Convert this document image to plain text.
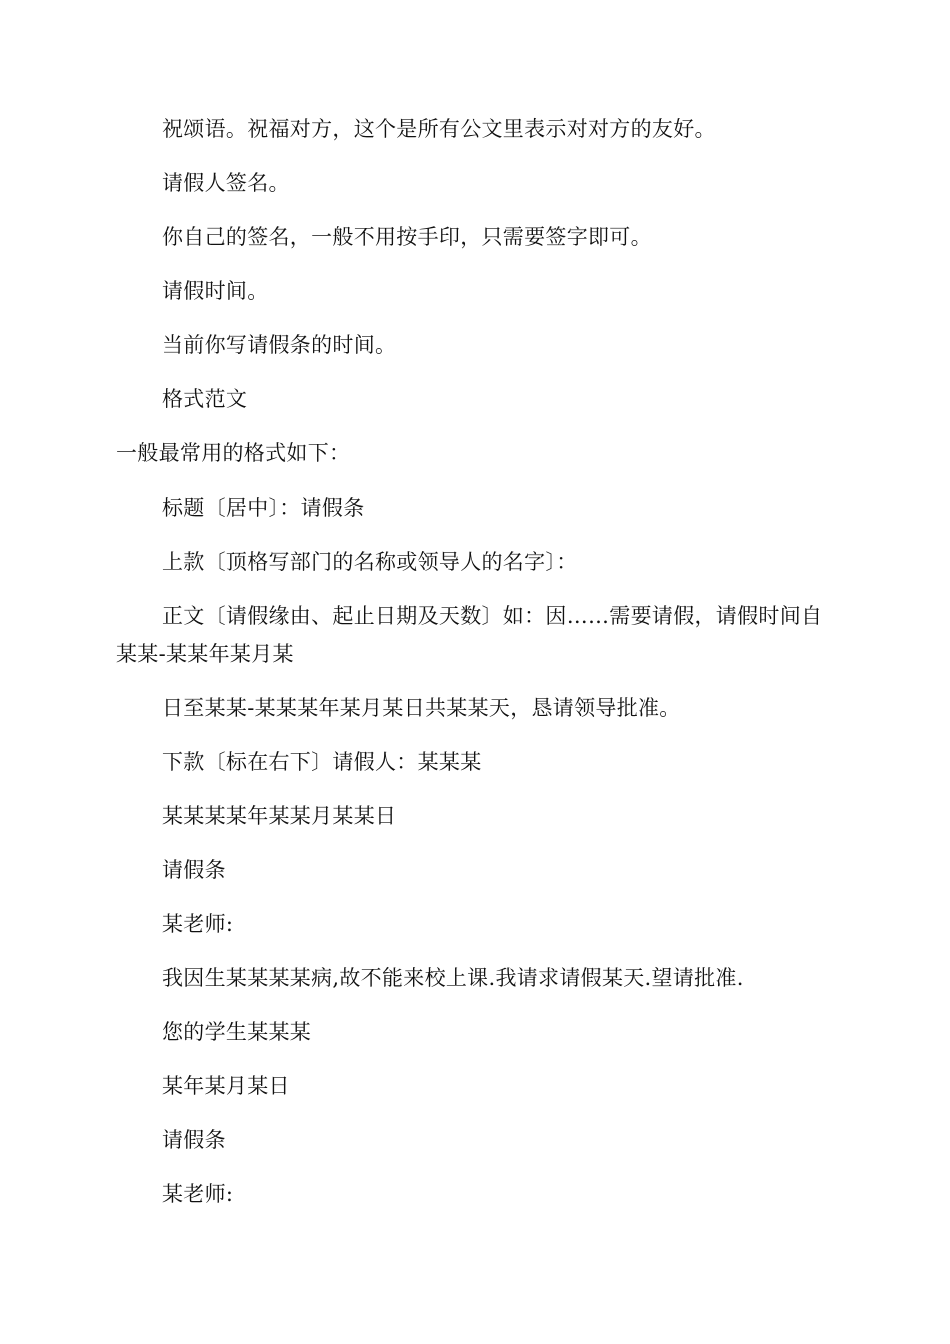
祝颂语。祝福对方，这个是所有公文里表示对对方的友好。

请假人签名。

你自己的签名，一般不用按手印，只需要签字即可。

请假时间。

当前你写请假条的时间。

格式范文

一般最常用的格式如下：

标题〔居中〕：请假条

上款〔顶格写部门的名称或领导人的名字〕：

正文〔请假缘由、起止日期及天数〕如：因……需要请假，请假时间自某某-某某年某月某

日至某某-某某某年某月某日共某某天，恳请领导批准。

下款〔标在右下〕请假人：某某某

某某某某年某某月某某日

请假条

某老师:

我因生某某某某病,故不能来校上课.我请求请假某天.望请批准.

您的学生某某某

某年某月某日

请假条

某老师:
